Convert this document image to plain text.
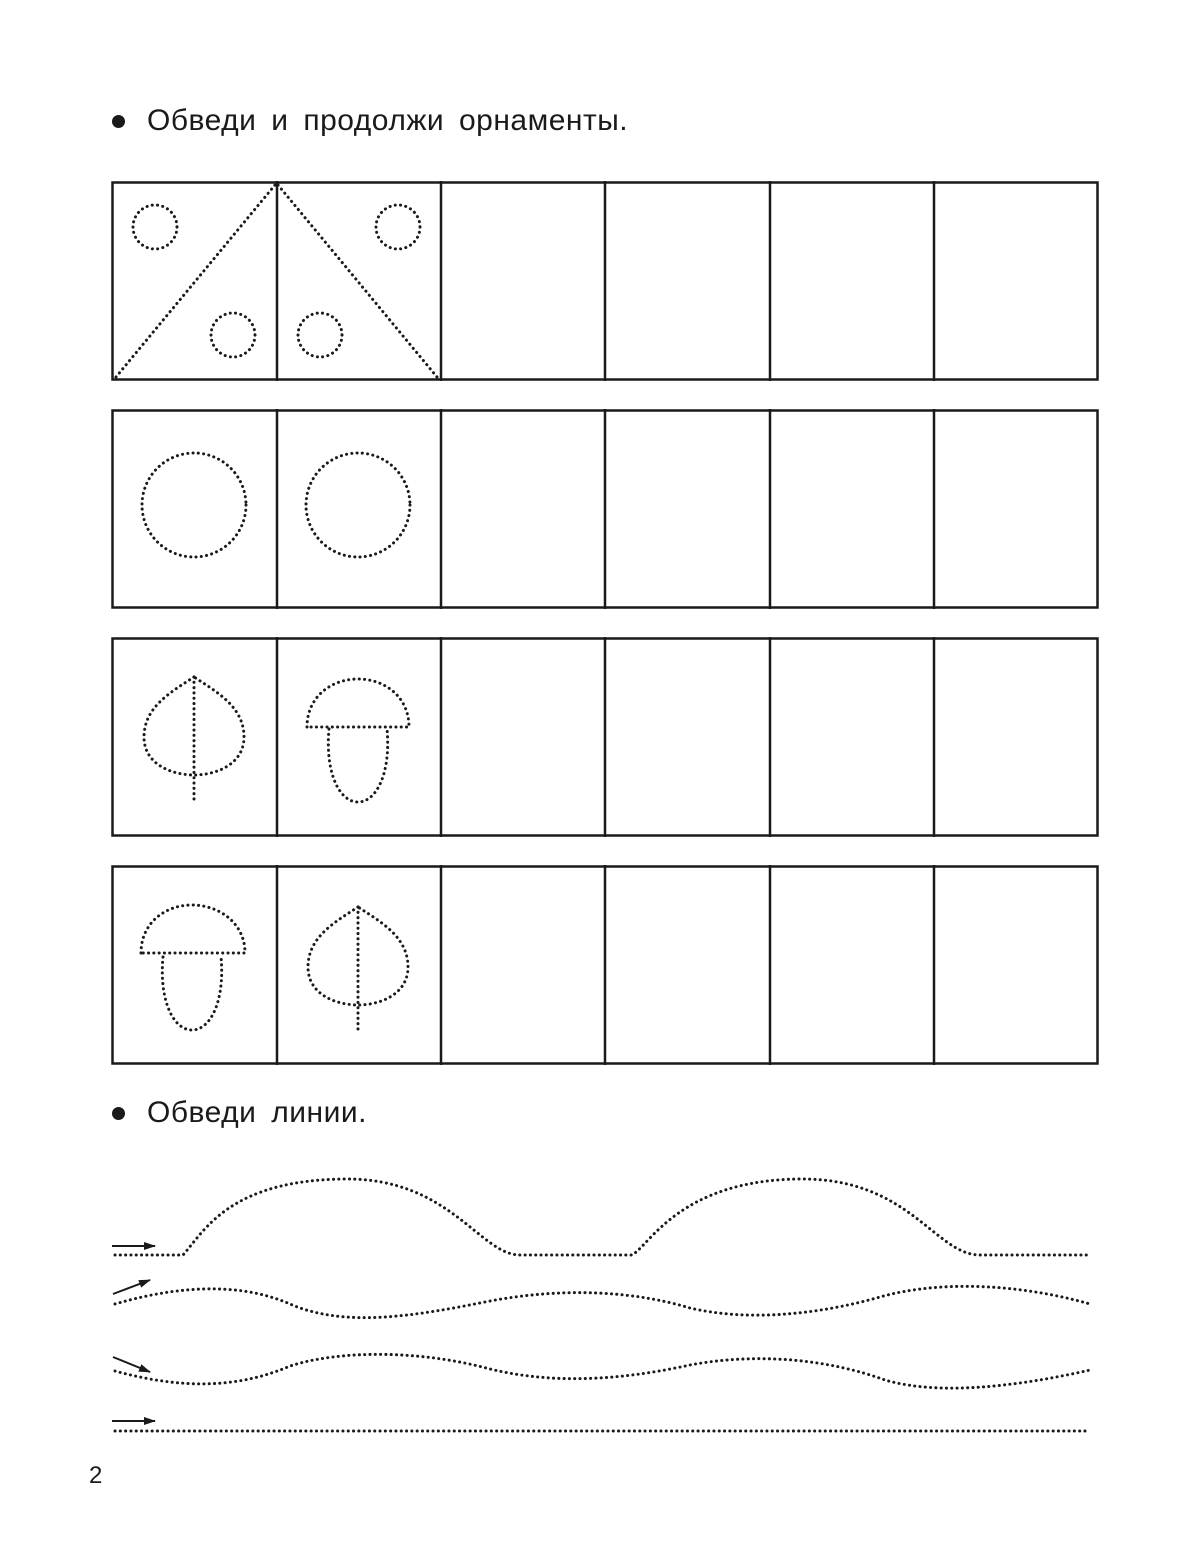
Обведи и продолжи орнаменты.
Обведи линии.
2
